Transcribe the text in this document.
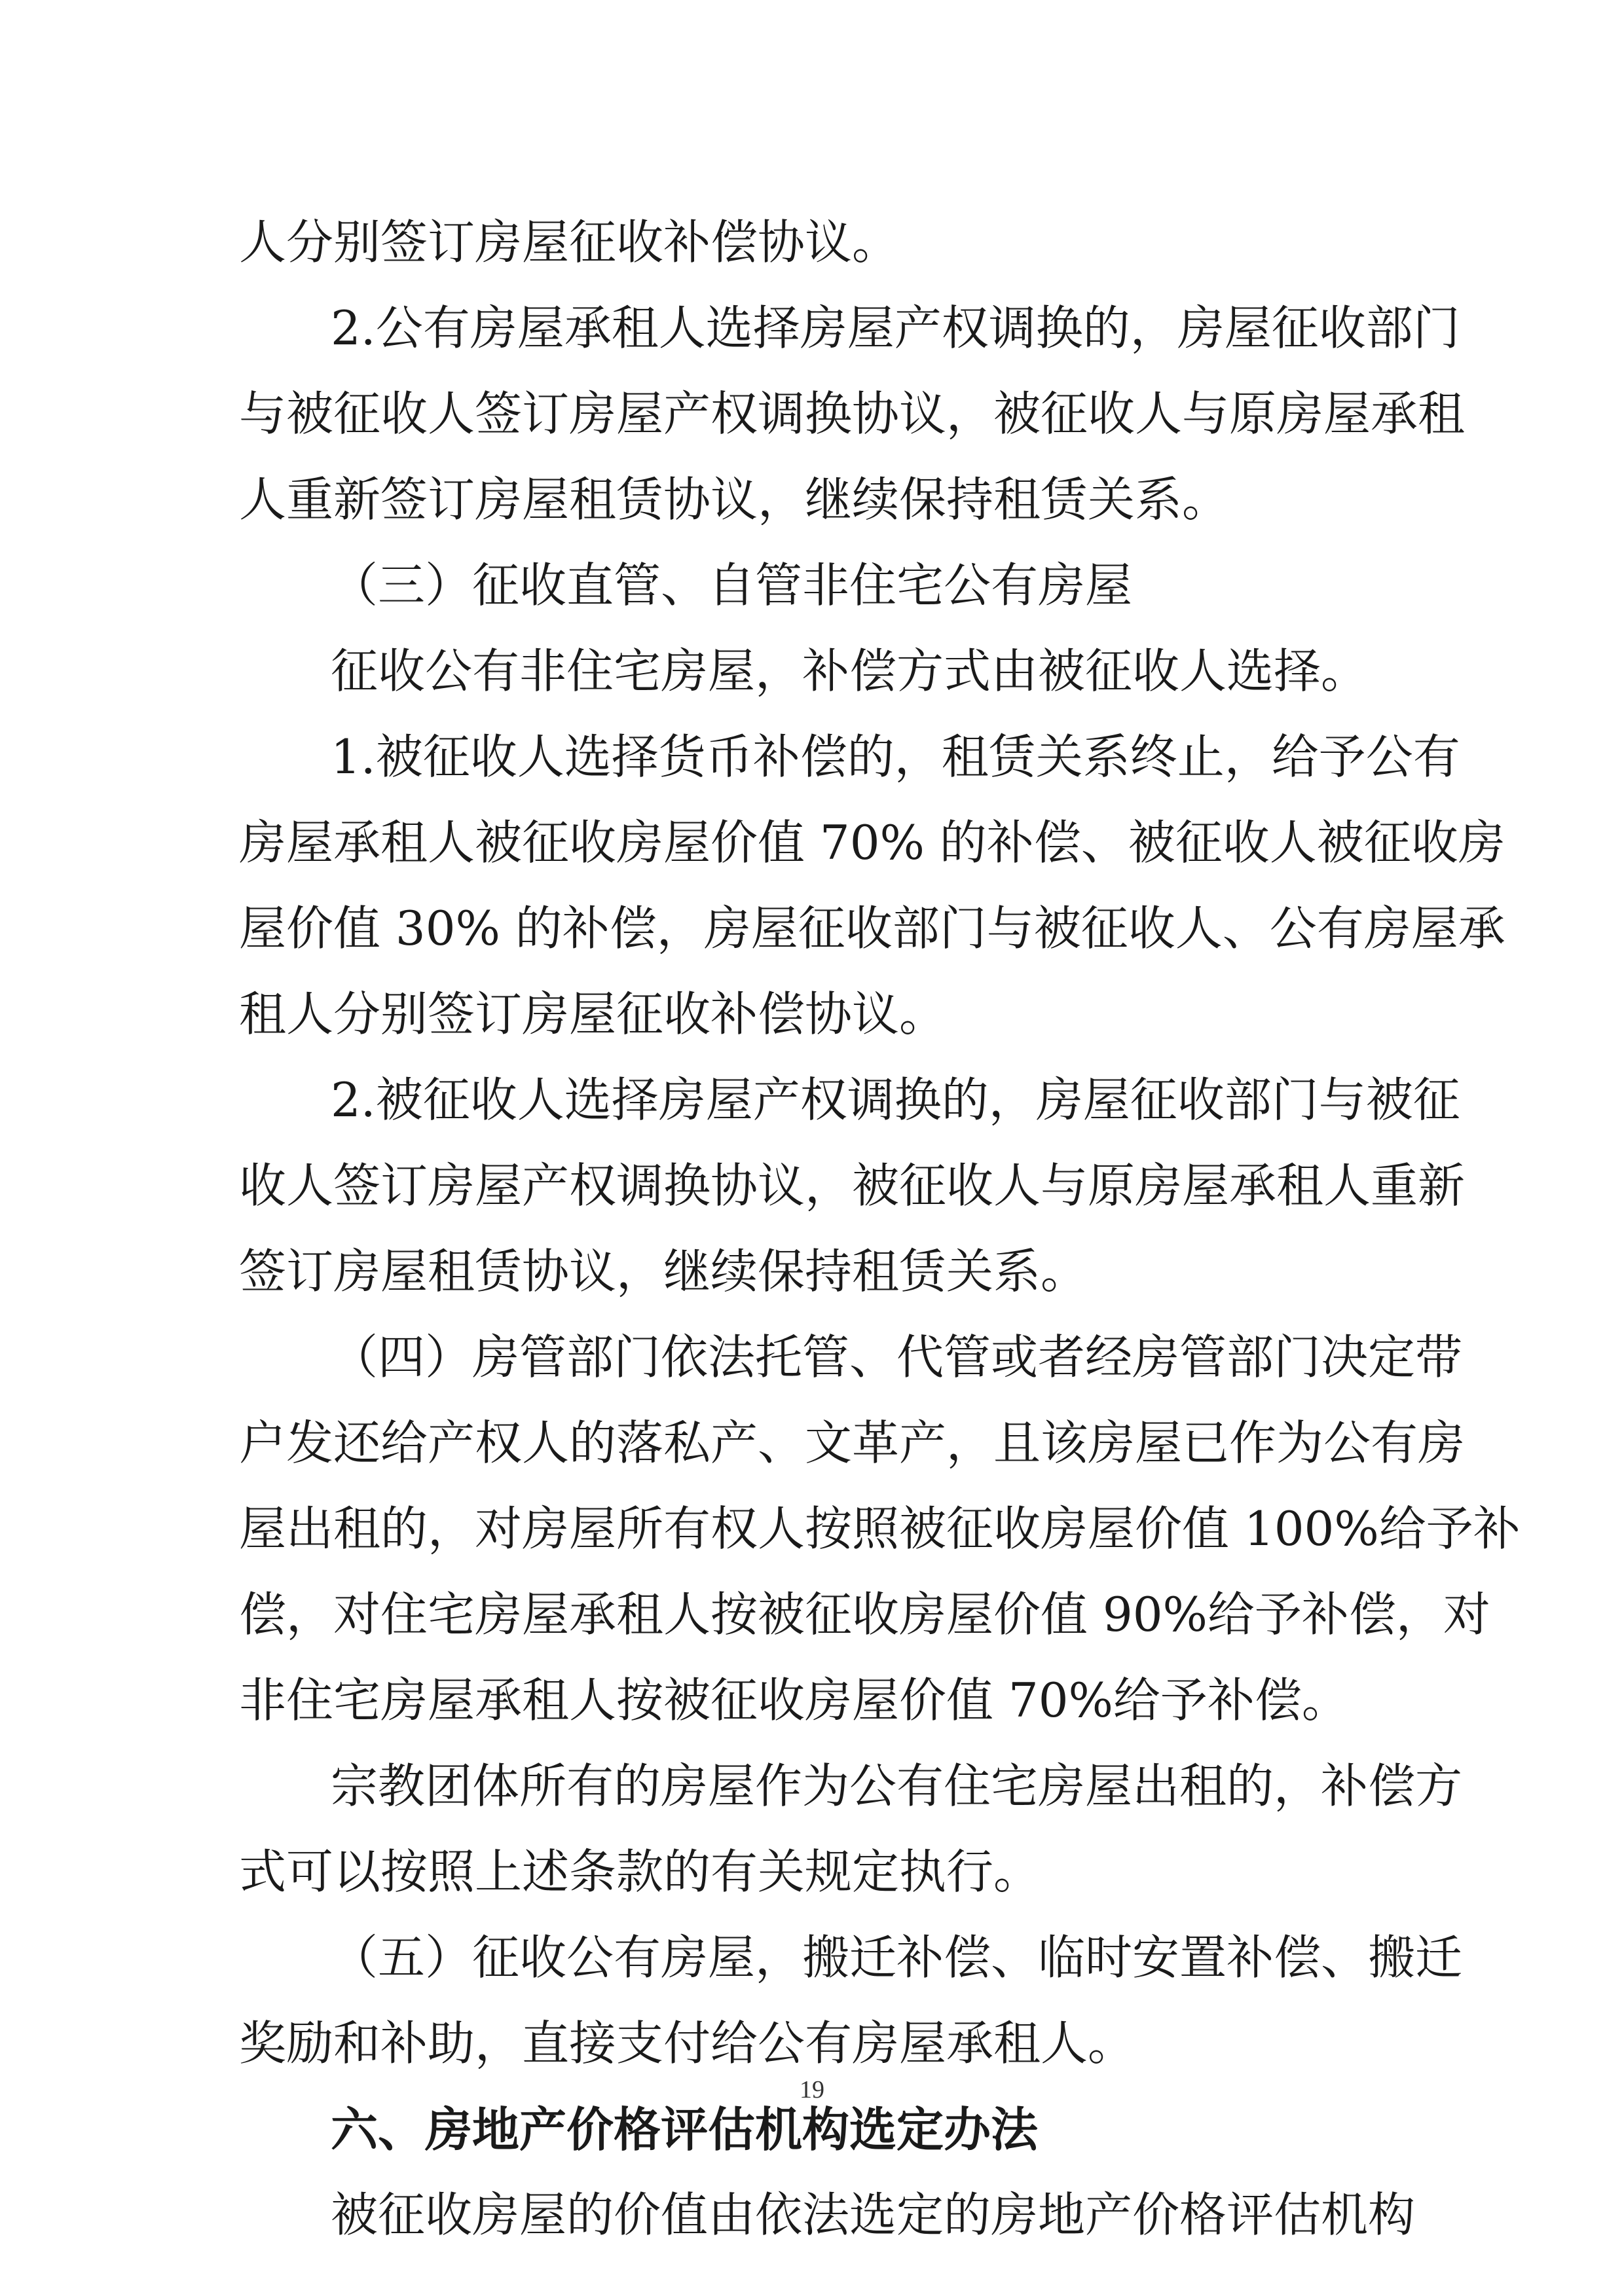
人分别签订房屋征收补偿协议。
2.公有房屋承租人选择房屋产权调换的，房屋征收部门
与被征收人签订房屋产权调换协议，被征收人与原房屋承租
人重新签订房屋租赁协议，继续保持租赁关系。
（三）征收直管、自管非住宅公有房屋
征收公有非住宅房屋，补偿方式由被征收人选择。
1.被征收人选择货币补偿的，租赁关系终止，给予公有
房屋承租人被征收房屋价值 70% 的补偿、被征收人被征收房
屋价值 30% 的补偿，房屋征收部门与被征收人、公有房屋承
租人分别签订房屋征收补偿协议。
2.被征收人选择房屋产权调换的，房屋征收部门与被征
收人签订房屋产权调换协议，被征收人与原房屋承租人重新
签订房屋租赁协议，继续保持租赁关系。
（四）房管部门依法托管、代管或者经房管部门决定带
户发还给产权人的落私产、文革产，且该房屋已作为公有房
屋出租的，对房屋所有权人按照被征收房屋价值 100%给予补
偿，对住宅房屋承租人按被征收房屋价值 90%给予补偿，对
非住宅房屋承租人按被征收房屋价值 70%给予补偿。
宗教团体所有的房屋作为公有住宅房屋出租的，补偿方
式可以按照上述条款的有关规定执行。
（五）征收公有房屋，搬迁补偿、临时安置补偿、搬迁
奖励和补助，直接支付给公有房屋承租人。
六、房地产价格评估机构选定办法
被征收房屋的价值由依法选定的房地产价格评估机构
19
